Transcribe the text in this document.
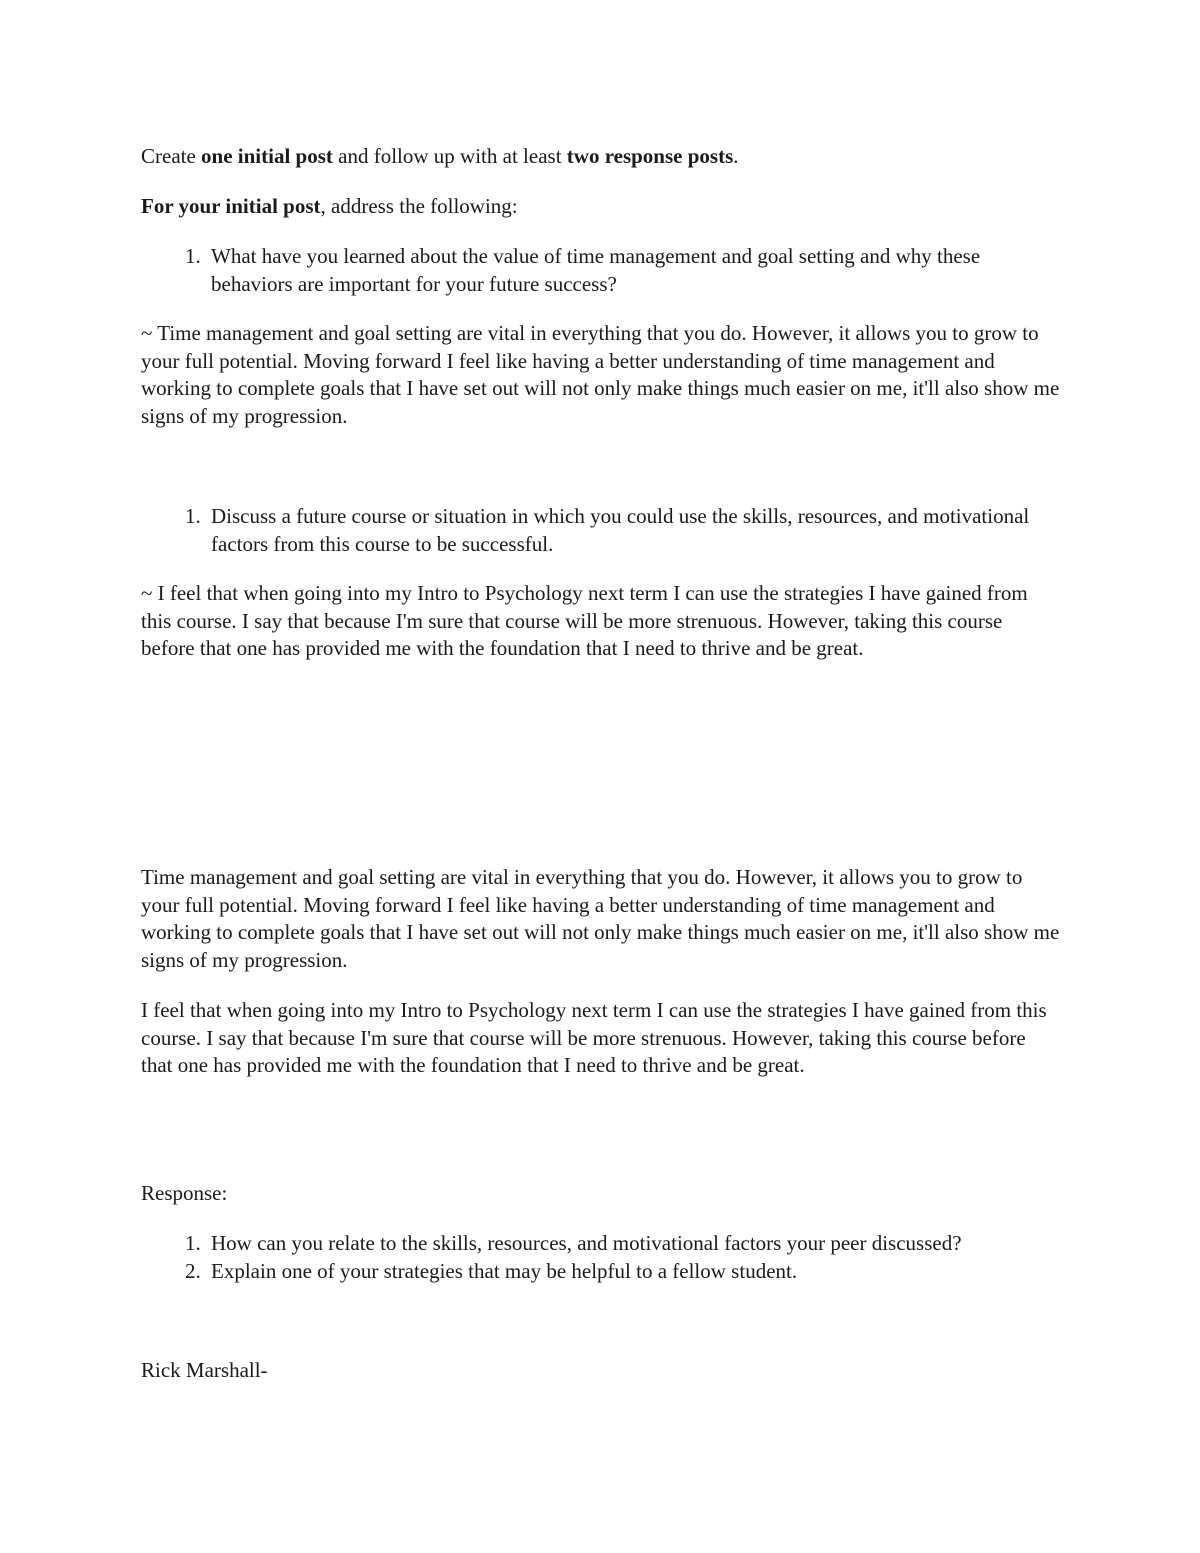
Create one initial post and follow up with at least two response posts.

For your initial post, address the following:

1. What have you learned about the value of time management and goal setting and why these behaviors are important for your future success?

~ Time management and goal setting are vital in everything that you do. However, it allows you to grow to your full potential. Moving forward I feel like having a better understanding of time management and working to complete goals that I have set out will not only make things much easier on me, it'll also show me signs of my progression.

1. Discuss a future course or situation in which you could use the skills, resources, and motivational factors from this course to be successful.

~ I feel that when going into my Intro to Psychology next term I can use the strategies I have gained from this course. I say that because I'm sure that course will be more strenuous. However, taking this course before that one has provided me with the foundation that I need to thrive and be great.

Time management and goal setting are vital in everything that you do. However, it allows you to grow to your full potential. Moving forward I feel like having a better understanding of time management and working to complete goals that I have set out will not only make things much easier on me, it'll also show me signs of my progression.

I feel that when going into my Intro to Psychology next term I can use the strategies I have gained from this course. I say that because I'm sure that course will be more strenuous. However, taking this course before that one has provided me with the foundation that I need to thrive and be great.

Response:

1. How can you relate to the skills, resources, and motivational factors your peer discussed?
2. Explain one of your strategies that may be helpful to a fellow student.

Rick Marshall-
